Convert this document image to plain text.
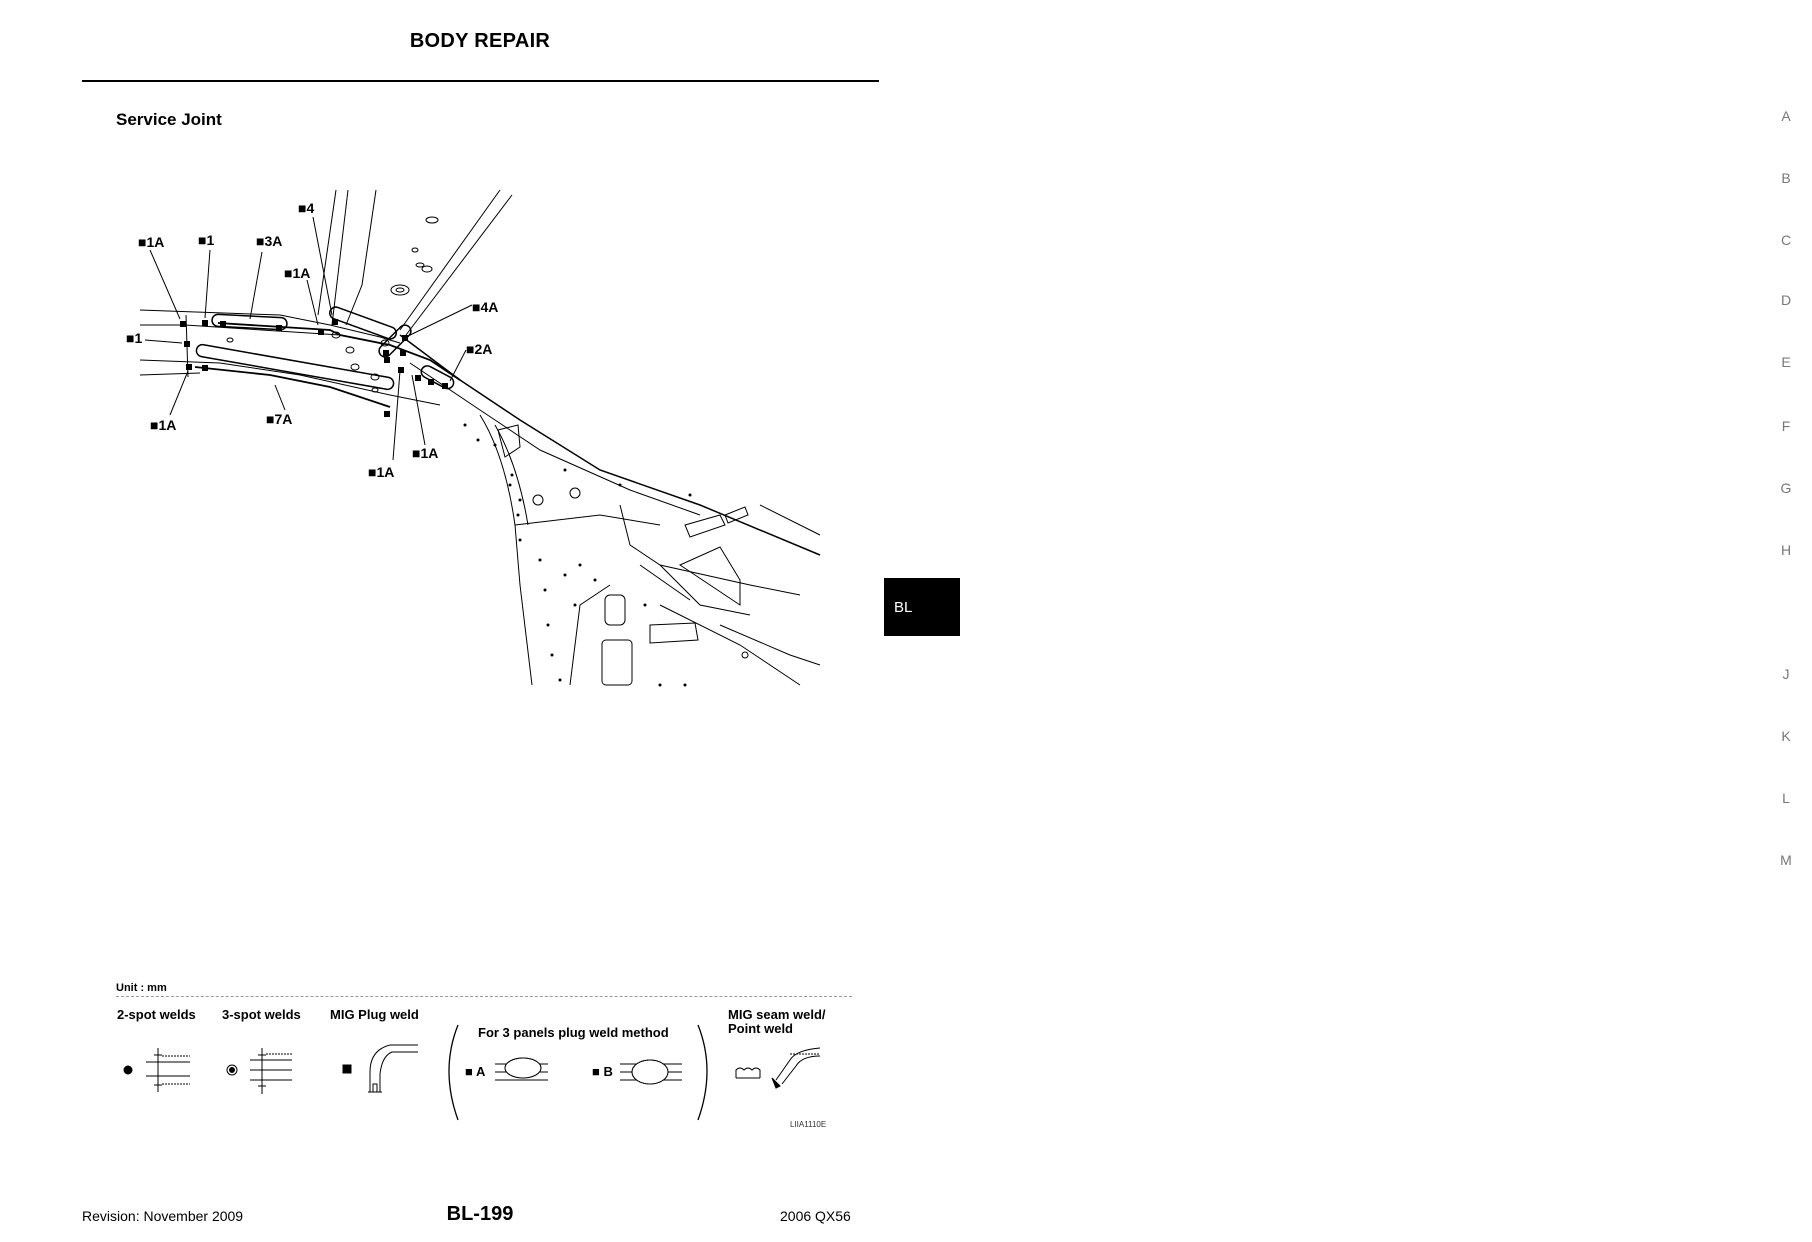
BODY REPAIR
Service Joint	A
B
C
D
E
F
G
H
J
K
L
M
BL
■1A ■1	■3A
■4
■1A
■4A
■1
■2A
■1A	■7A
■1A
■1A
Unit : mm
2-spot welds 3-spot welds MIG Plug weld
For 3 panels plug weld method
MIG seam weld/
Point weld
■ A	■ B
LIIA1110E
Revision: November 2009	BL-199	2006 QX56
